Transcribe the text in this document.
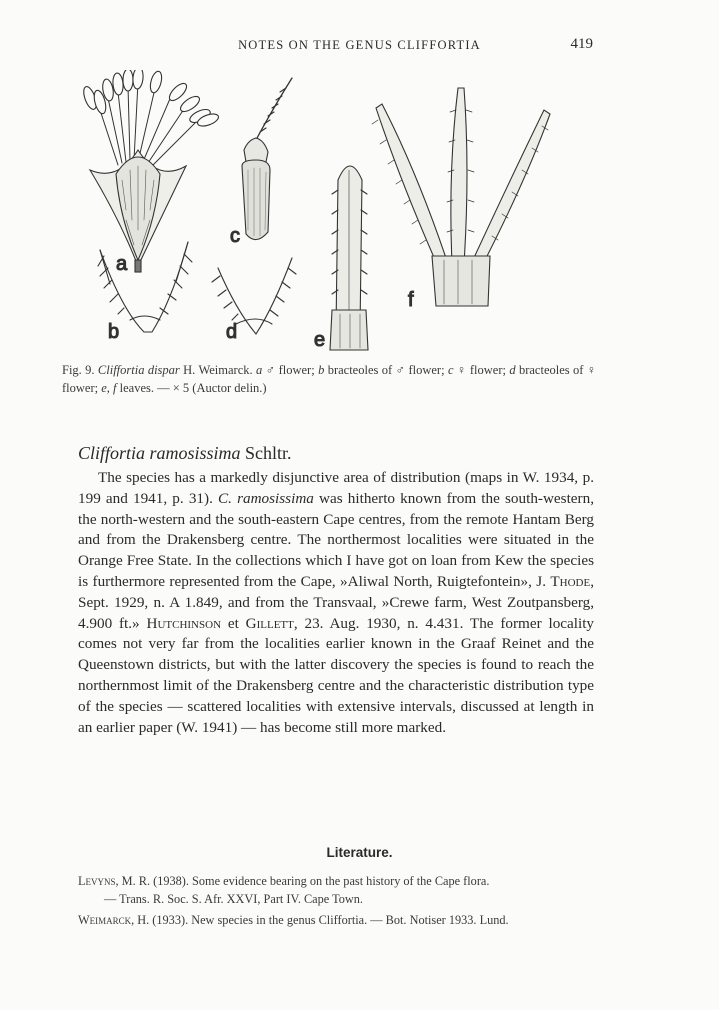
NOTES ON THE GENUS CLIFFORTIA	419
a
b
c
d	e
f
Fig. 9. Cliffortia dispar H. Weimarck. a ♂ flower; b bracteoles of ♂ flower; c ♀ flower; d bracteoles of ♀ flower; e, f leaves. — × 5 (Auctor delin.)
Cliffortia ramosissima Schltr.

The species has a markedly disjunctive area of distribution (maps in W. 1934, p. 199 and 1941, p. 31). C. ramosissima was hitherto known from the south-western, the north-western and the south-eastern Cape centres, from the remote Hantam Berg and from the Drakensberg centre. The northermost localities were situated in the Orange Free State. In the collections which I have got on loan from Kew the species is furthermore represented from the Cape, »Aliwal North, Ruigtefontein», J. Thode, Sept. 1929, n. A 1.849, and from the Transvaal, »Crewe farm, West Zoutpansberg, 4.900 ft.» Hutchinson et Gillett, 23. Aug. 1930, n. 4.431. The former locality comes not very far from the localities earlier known in the Graaf Reinet and the Queenstown districts, but with the latter discovery the species is found to reach the northernmost limit of the Drakensberg centre and the characteristic distribution type of the species — scattered localities with extensive intervals, discussed at length in an earlier paper (W. 1941) — has become still more marked.

Literature.
Levyns, M. R. (1938). Some evidence bearing on the past history of the Cape flora.
— Trans. R. Soc. S. Afr. XXVI, Part IV. Cape Town.
Weimarck, H. (1933). New species in the genus Cliffortia. — Bot. Notiser 1933. Lund.
